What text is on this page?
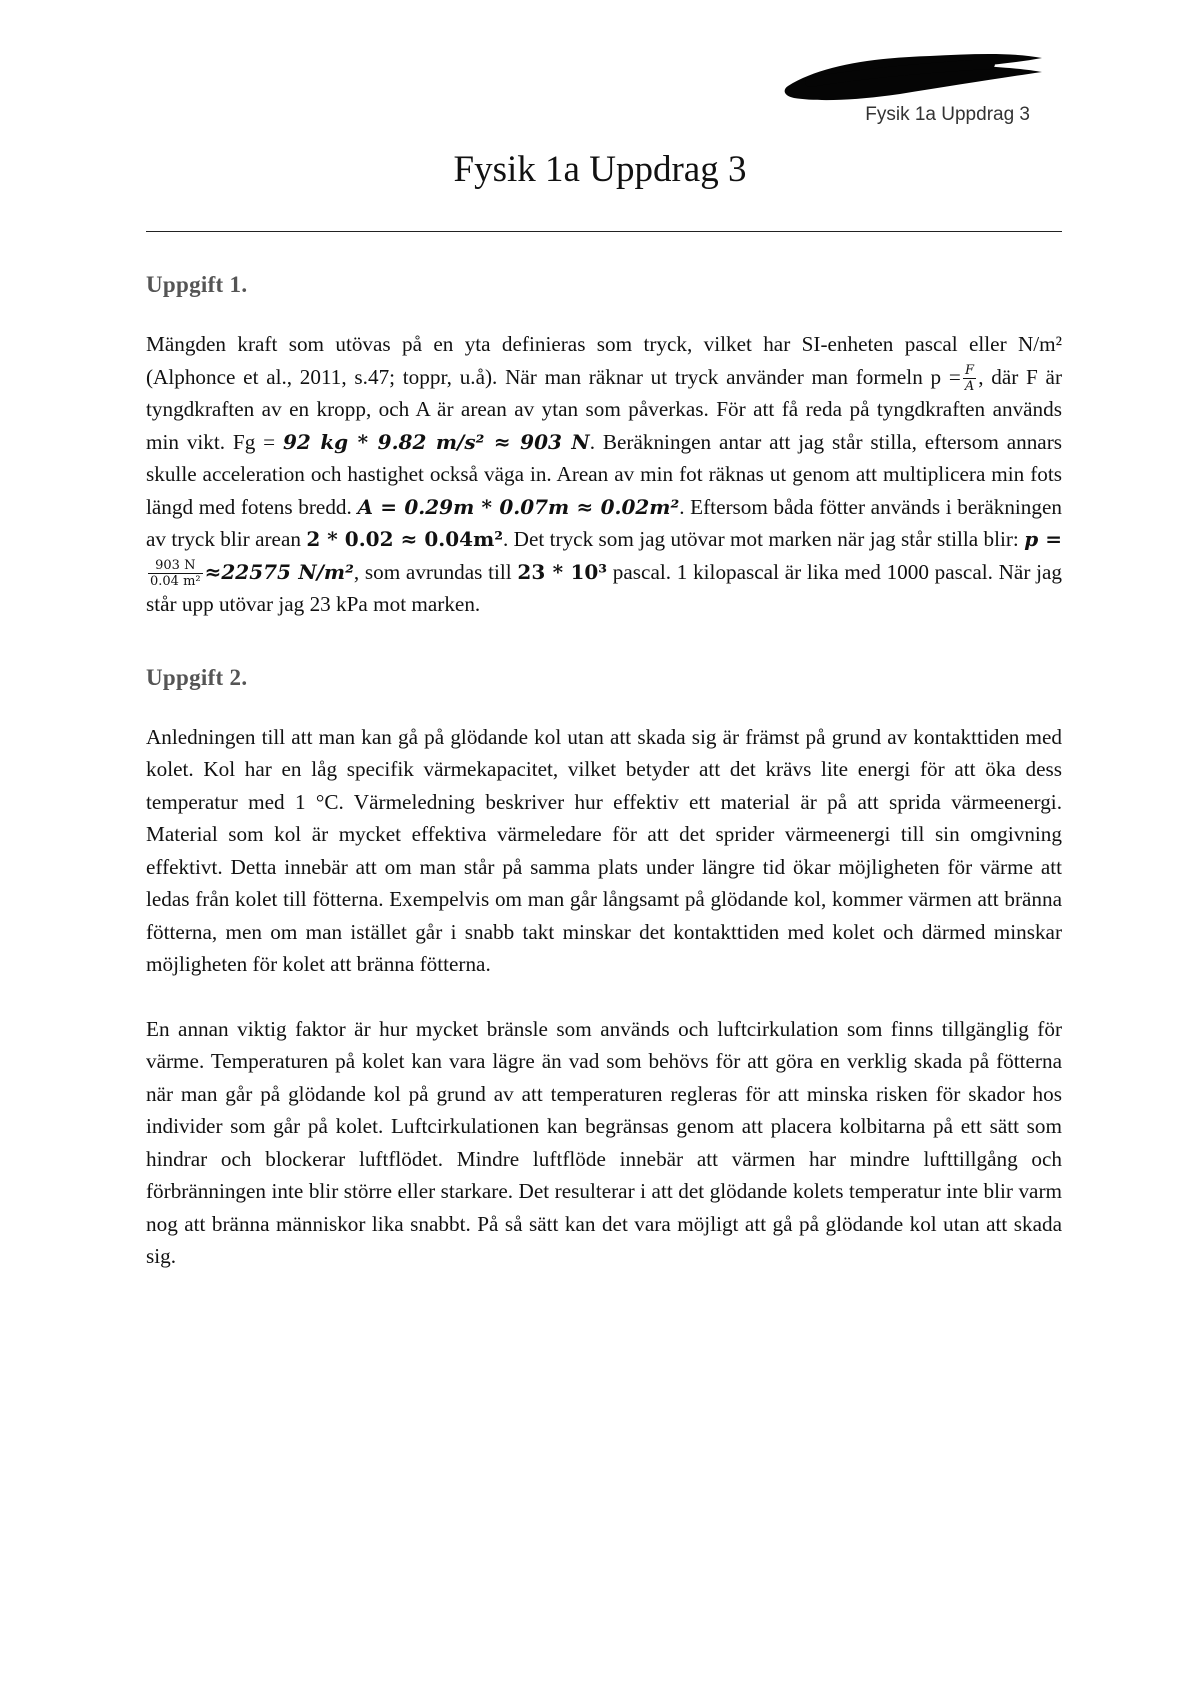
Fysik 1a Uppdrag 3
Fysik 1a Uppdrag 3
Uppgift 1.

Mängden kraft som utövas på en yta definieras som tryck, vilket har SI-enheten pascal eller N/m² (Alphonce et al., 2011, s.47; toppr, u.å). När man räknar ut tryck använder man formeln $p = \frac{F}{A}$ , där F är tyngdkraften av en kropp, och A är arean av ytan som påverkas. För att få reda på tyngdkraften används min vikt. Fg = 92 kg * 9.82 m/s² ≈ 903 N. Beräkningen antar att jag står stilla, eftersom annars skulle acceleration och hastighet också väga in. Arean av min fot räknas ut genom att multiplicera min fots längd med fotens bredd. A = 0.29m * 0.07m ≈ 0.02m². Eftersom båda fötter används i beräkningen av tryck blir arean 2 * 0.02 ≈ 0.04m². Det tryck som jag utövar mot marken när jag står stilla blir: p =
$\frac{903 N}{\text{0.04 m²}} \approx 22575$ N/m², som avrundas till 23 * 10³ pascal. 1 kilopascal är lika med 1000 pascal. När jag står upp utövar jag 23 kPa mot marken.

Uppgift 2.

Anledningen till att man kan gå på glödande kol utan att skada sig är främst på grund av kontakttiden med kolet. Kol har en låg specifik värmekapacitet, vilket betyder att det krävs lite energi för att öka dess temperatur med 1 °C. Värmeledning beskriver hur effektiv ett material är på att sprida värmeenergi. Material som kol är mycket effektiva värmeledare för att det sprider värmeenergi till sin omgivning effektivt. Detta innebär att om man står på samma plats under längre tid ökar möjligheten för värme att ledas från kolet till fötterna. Exempelvis om man går långsamt på glödande kol, kommer värmen att bränna fötterna, men om man istället går i snabb takt minskar det kontakttiden med kolet och därmed minskar möjligheten för kolet att bränna fötterna.

En annan viktig faktor är hur mycket bränsle som används och luftcirkulation som finns tillgänglig för värme. Temperaturen på kolet kan vara lägre än vad som behövs för att göra en verklig skada på fötterna när man går på glödande kol på grund av att temperaturen regleras för att minska risken för skador hos individer som går på kolet. Luftcirkulationen kan begränsas genom att placera kolbitarna på ett sätt som hindrar och blockerar luftflödet. Mindre luftflöde innebär att värmen har mindre lufttillgång och förbränningen inte blir större eller starkare. Det resulterar i att det glödande kolets temperatur inte blir varm nog att bränna människor lika snabbt. På så sätt kan det vara möjligt att gå på glödande kol utan att skada sig.
